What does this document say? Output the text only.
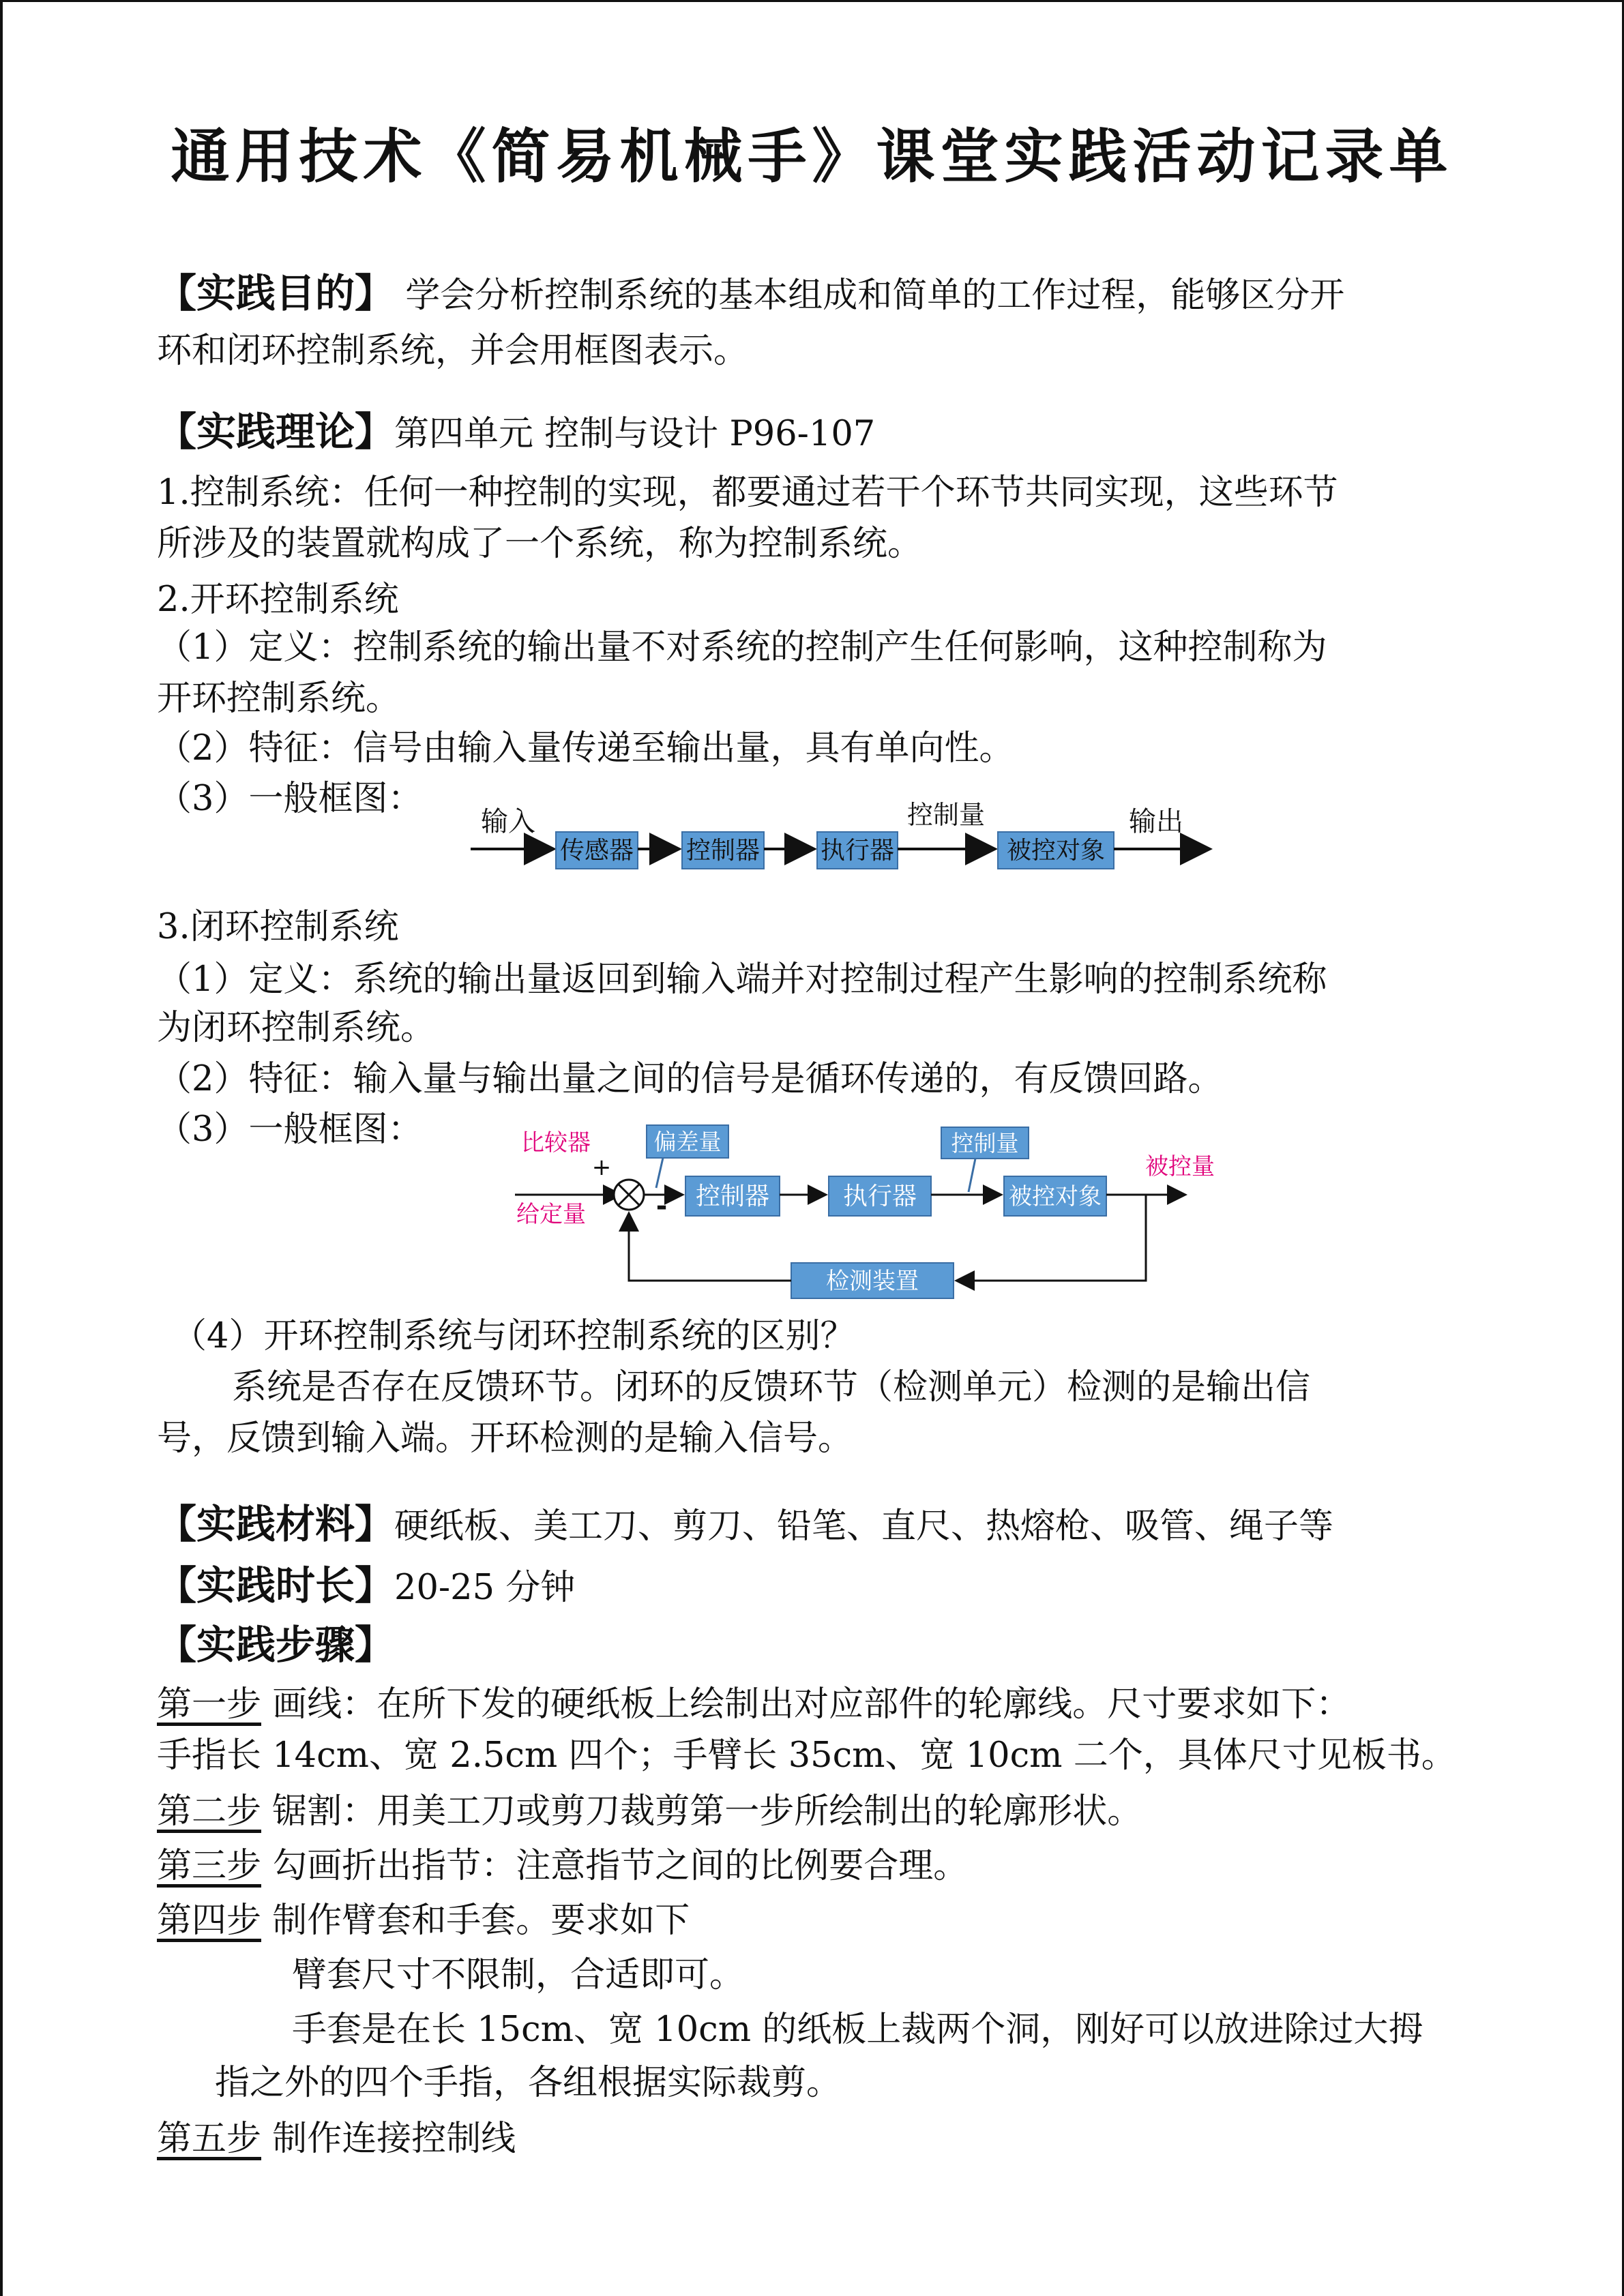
通用技术《简易机械手》课堂实践活动记录单
【实践目的】 学会分析控制系统的基本组成和简单的工作过程，能够区分开
环和闭环控制系统，并会用框图表示。
【实践理论】第四单元 控制与设计 P96-107
1.控制系统：任何一种控制的实现，都要通过若干个环节共同实现，这些环节
所涉及的装置就构成了一个系统，称为控制系统。
2.开环控制系统
（1）定义：控制系统的输出量不对系统的控制产生任何影响，这种控制称为
开环控制系统。
（2）特征：信号由输入量传递至输出量，具有单向性。
（3）一般框图：
输入
传感器 控制器 执行器
控制量
被控对象
输出
3.闭环控制系统
（1）定义：系统的输出量返回到输入端并对控制过程产生影响的控制系统称
为闭环控制系统。
（2）特征：输入量与输出量之间的信号是循环传递的，有反馈回路。
（3）一般框图：	比较器
+
给定量
偏差量
- 控制器	执行器
控制量
被控对象
被控量
检测装置
（4）开环控制系统与闭环控制系统的区别？
系统是否存在反馈环节。闭环的反馈环节（检测单元）检测的是输出信
号，反馈到输入端。开环检测的是输入信号。
【实践材料】硬纸板、美工刀、剪刀、铅笔、直尺、热熔枪、吸管、绳子等
【实践时长】20-25 分钟
【实践步骤】
第一步 画线：在所下发的硬纸板上绘制出对应部件的轮廓线。尺寸要求如下：
手指长 14cm、宽 2.5cm 四个；手臂长 35cm、宽 10cm 二个，具体尺寸见板书。
第二步 锯割：用美工刀或剪刀裁剪第一步所绘制出的轮廓形状。
第三步 勾画折出指节：注意指节之间的比例要合理。
第四步 制作臂套和手套。要求如下
臂套尺寸不限制，合适即可。
手套是在长 15cm、宽 10cm 的纸板上裁两个洞，刚好可以放进除过大拇
指之外的四个手指，各组根据实际裁剪。
第五步 制作连接控制线
